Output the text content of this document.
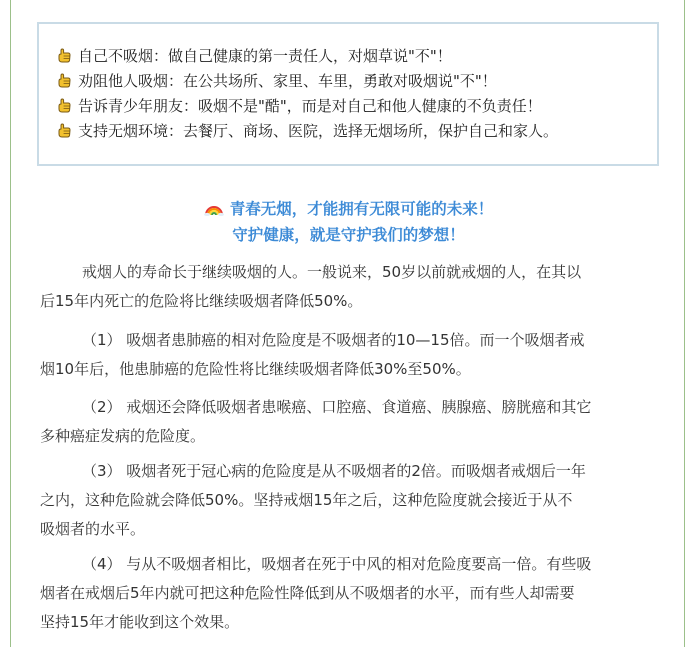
自己不吸烟：做自己健康的第一责任人，对烟草说"不"！
劝阻他人吸烟：在公共场所、家里、车里，勇敢对吸烟说"不"！
告诉青少年朋友：吸烟不是"酷"，而是对自己和他人健康的不负责任！
支持无烟环境：去餐厅、商场、医院，选择无烟场所，保护自己和家人。
青春无烟，才能拥有无限可能的未来！
守护健康，就是守护我们的梦想！
戒烟人的寿命长于继续吸烟的人。一般说来，50岁以前就戒烟的人，在其以
后15年内死亡的危险将比继续吸烟者降低50%。
（1） 吸烟者患肺癌的相对危险度是不吸烟者的10—15倍。而一个吸烟者戒
烟10年后，他患肺癌的危险性将比继续吸烟者降低30%至50%。
（2） 戒烟还会降低吸烟者患喉癌、口腔癌、食道癌、胰腺癌、膀胱癌和其它
多种癌症发病的危险度。
（3） 吸烟者死于冠心病的危险度是从不吸烟者的2倍。而吸烟者戒烟后一年
之内，这种危险就会降低50%。坚持戒烟15年之后，这种危险度就会接近于从不
吸烟者的水平。
（4） 与从不吸烟者相比，吸烟者在死于中风的相对危险度要高一倍。有些吸
烟者在戒烟后5年内就可把这种危险性降低到从不吸烟者的水平，而有些人却需要
坚持15年才能收到这个效果。
